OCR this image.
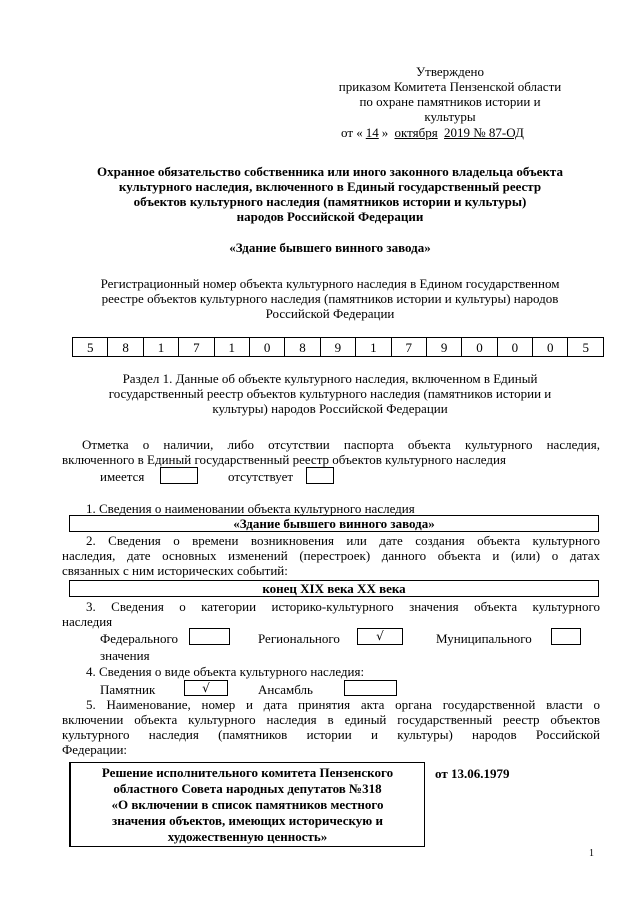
Утверждено
приказом Комитета Пензенской области
по охране памятников истории и
культуры
от « 14 » октября 2019 № 87-ОД
Охранное обязательство собственника или иного законного владельца объекта
культурного наследия, включенного в Единый государственный реестр
объектов культурного наследия (памятников истории и культуры)
народов Российской Федерации
«Здание бывшего винного завода»
Регистрационный номер объекта культурного наследия в Едином государственном
реестре объектов культурного наследия (памятников истории и культуры) народов
Российской Федерации
5	8	1	7	1	0	8	9	1	7	9	0	0	0	5
Раздел 1. Данные об объекте культурного наследия, включенном в Единый
государственный реестр объектов культурного наследия (памятников истории и
культуры) народов Российской Федерации
Отметка о наличии, либо отсутствии паспорта объекта культурного наследия,
включенного в Единый государственный реестр объектов культурного наследия
имеется	отсутствует
1. Сведения о наименовании объекта культурного наследия
«Здание бывшего винного завода»
2. Сведения о времени возникновения или дате создания объекта культурного
наследия, дате основных изменений (перестроек) данного объекта и (или) о датах
связанных с ним исторических событий:
конец XIX века XX века
3. Сведения о категории историко-культурного значения объекта культурного
наследия
Федерального	Регионального	√	Муниципального
значения
4. Сведения о виде объекта культурного наследия:
Памятник	√	Ансамбль
5. Наименование, номер и дата принятия акта органа государственной власти о
включении объекта культурного наследия в единый государственный реестр объектов
культурного наследия (памятников истории и культуры) народов Российской
Федерации:
Решение исполнительного комитета Пензенского
областного Совета народных депутатов №318
«О включении в список памятников местного
значения объектов, имеющих историческую и
художественную ценность»
от 13.06.1979
1
